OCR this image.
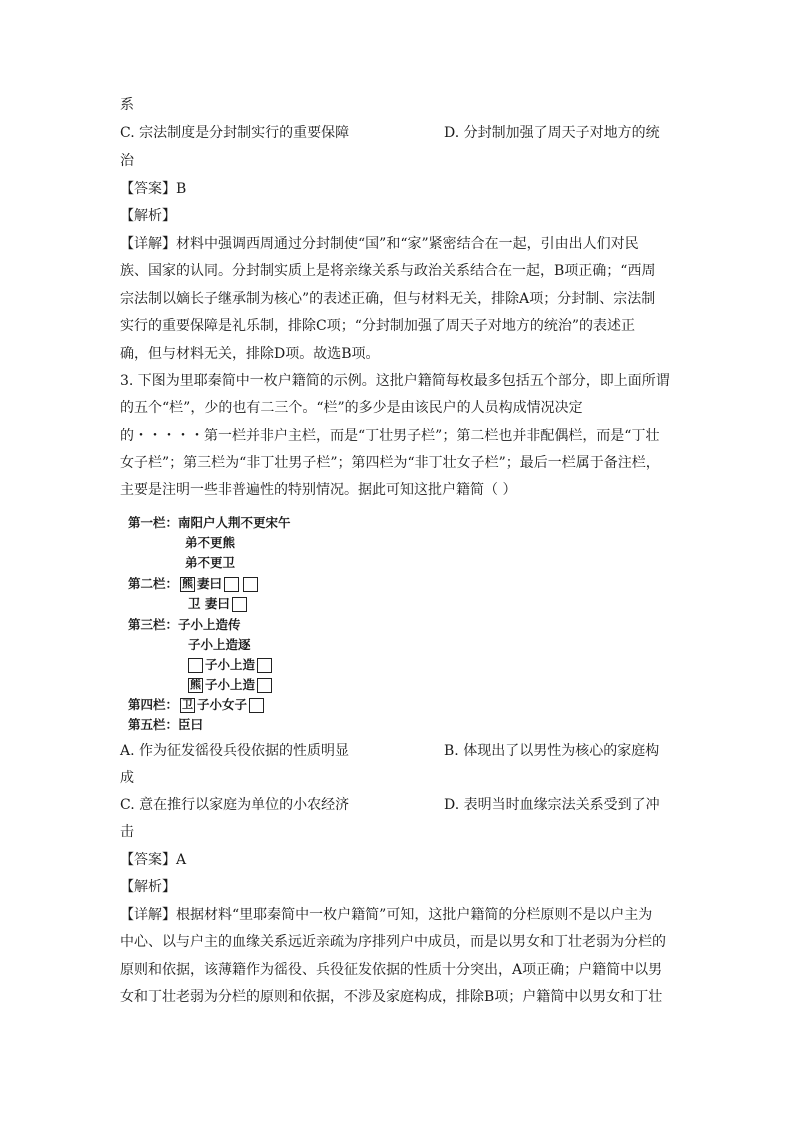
系
C. 宗法制度是分封制实行的重要保障	D. 分封制加强了周天子对地方的统
治
【答案】B
【解析】
【详解】材料中强调西周通过分封制使“国”和“家”紧密结合在一起，引由出人们对民
族、国家的认同。分封制实质上是将亲缘关系与政治关系结合在一起，B项正确；“西周
宗法制以嫡长子继承制为核心”的表述正确，但与材料无关，排除A项；分封制、宗法制
实行的重要保障是礼乐制，排除C项；“分封制加强了周天子对地方的统治”的表述正
确，但与材料无关，排除D项。故选B项。
3. 下图为里耶秦简中一枚户籍简的示例。这批户籍简每枚最多包括五个部分，即上面所谓
的五个“栏”，少的也有二三个。“栏”的多少是由该民户的人员构成情况决定
的・・・・・第一栏并非户主栏，而是“丁壮男子栏”；第二栏也并非配偶栏，而是“丁壮
女子栏”；第三栏为“非丁壮男子栏”；第四栏为“非丁壮女子栏”；最后一栏属于备注栏，
主要是注明一些非普遍性的特别情况。据此可知这批户籍简（ ）
第一栏： 南阳户人荆不更宋午
弟不更熊
弟不更卫
第二栏： 熊 妻曰
卫 妻曰
第三栏： 子小上造传
子小上造逐
子小上造
熊 子小上造
第四栏： 卫 子小女子
第五栏： 臣曰
A. 作为征发徭役兵役依据的性质明显	B. 体现出了以男性为核心的家庭构
成
C. 意在推行以家庭为单位的小农经济	D. 表明当时血缘宗法关系受到了冲
击
【答案】A
【解析】
【详解】根据材料“里耶秦简中一枚户籍简”可知，这批户籍简的分栏原则不是以户主为
中心、以与户主的血缘关系远近亲疏为序排列户中成员，而是以男女和丁壮老弱为分栏的
原则和依据，该薄籍作为徭役、兵役征发依据的性质十分突出，A项正确；户籍简中以男
女和丁壮老弱为分栏的原则和依据，不涉及家庭构成，排除B项；户籍简中以男女和丁壮
